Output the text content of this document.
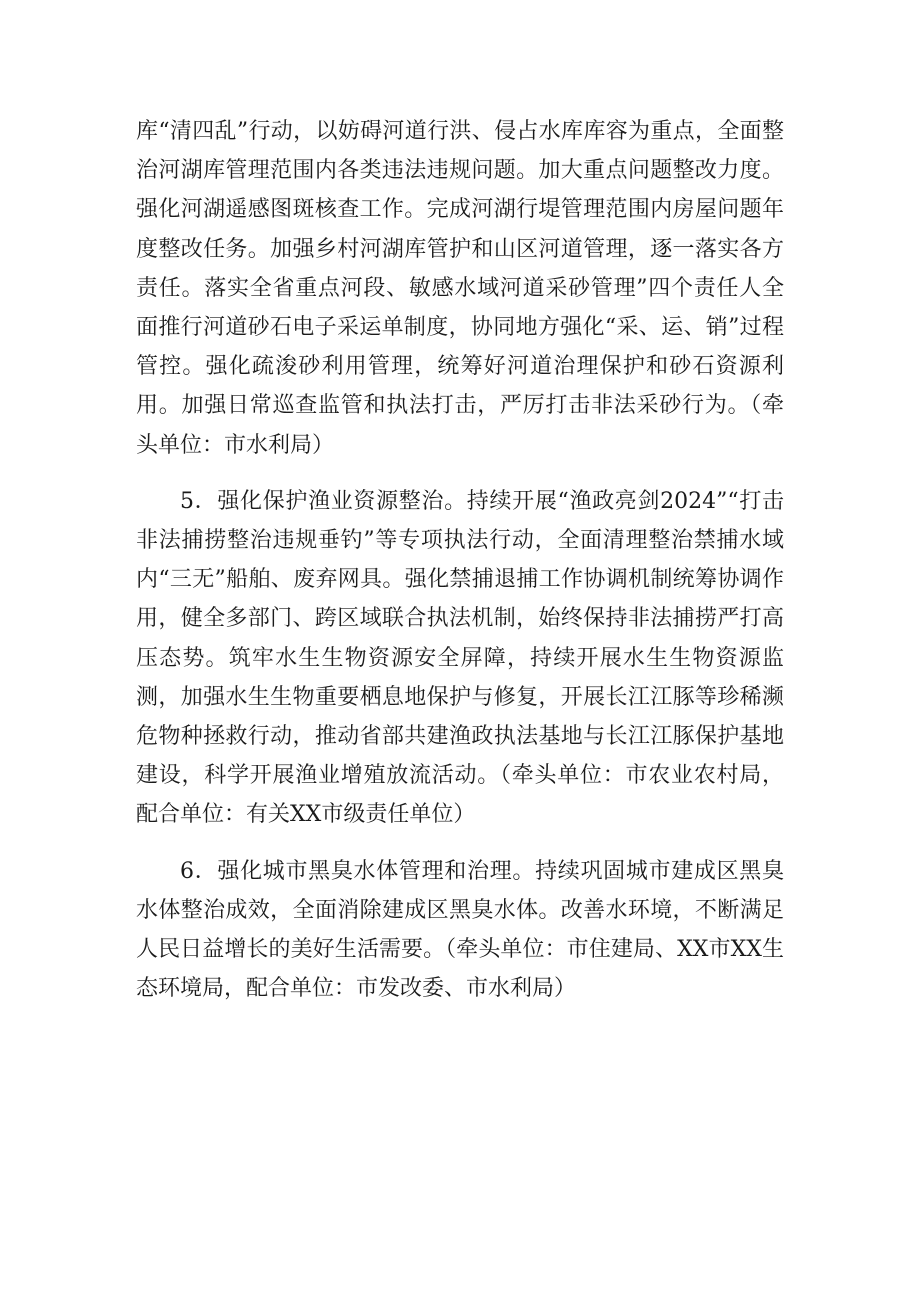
库“清四乱”行动，以妨碍河道行洪、侵占水库库容为重点，全面整治河湖库管理范围内各类违法违规问题。加大重点问题整改力度。强化河湖遥感图斑核查工作。完成河湖行堤管理范围内房屋问题年度整改任务。加强乡村河湖库管护和山区河道管理，逐一落实各方责任。落实全省重点河段、敏感水域河道采砂管理”四个责任人全面推行河道砂石电子采运单制度，协同地方强化“采、运、销”过程管控。强化疏浚砂利用管理，统筹好河道治理保护和砂石资源利用。加强日常巡查监管和执法打击，严厉打击非法采砂行为。（牵头单位：市水利局）

5．强化保护渔业资源整治。持续开展“渔政亮剑2024”“打击非法捕捞整治违规垂钓”等专项执法行动，全面清理整治禁捕水域内“三无”船舶、废弃网具。强化禁捕退捕工作协调机制统筹协调作用，健全多部门、跨区域联合执法机制，始终保持非法捕捞严打高压态势。筑牢水生生物资源安全屏障，持续开展水生生物资源监测，加强水生生物重要栖息地保护与修复，开展长江江豚等珍稀濒危物种拯救行动，推动省部共建渔政执法基地与长江江豚保护基地建设，科学开展渔业增殖放流活动。（牵头单位：市农业农村局，配合单位：有关XX市级责任单位）

6．强化城市黑臭水体管理和治理。持续巩固城市建成区黑臭水体整治成效，全面消除建成区黑臭水体。改善水环境，不断满足人民日益增长的美好生活需要。（牵头单位：市住建局、XX市XX生态环境局，配合单位：市发改委、市水利局）
